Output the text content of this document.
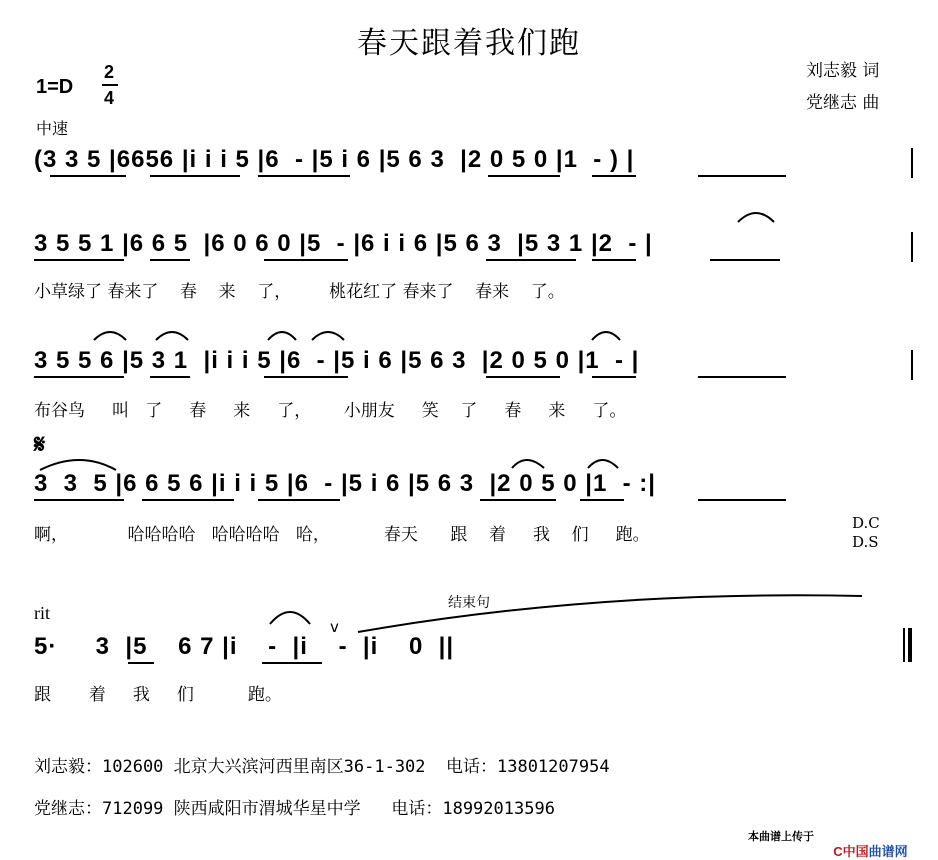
春天跟着我们跑
刘志毅 词
党继志 曲
1=D
2
4
中速
(3 3 5 |6656 |i i i 5 |6  - |5 i 6 |5 6 3  |2 0 5 0 |1  - ) |
3 5 5 1 |6 6 5  |6 0 6 0 |5  - |6 i i 6 |5 6 3  |5 3 1 |2  - |
小草绿了 春来了    春    来    了，       桃花红了 春来了    春来    了。
3 5 5 6 |5 3 1  |i i i 5 |6  - |5 i 6 |5 6 3  |2 0 5 0 |1  - |
布谷鸟     叫   了     春     来     了，      小朋友     笑    了     春     来     了。
𝄋
3  3  5 |6 6 5 6 |i i i 5 |6  - |5 i 6 |5 6 3  |2 0 5 0 |1  - :|
啊，           哈哈哈哈   哈哈哈哈   哈，          春天      跟    着     我    们     跑。
D.C
D.S
rit	结束句
v
5·     3  |5    6 7 |i    -  |i    -  |i    0  ||
跟       着     我     们          跑。
刘志毅：102600 北京大兴滨河西里南区36-1-302  电话：13801207954
党继志：712099 陕西咸阳市渭城华星中学   电话：18992013596
本曲谱上传于

C中国曲谱网
